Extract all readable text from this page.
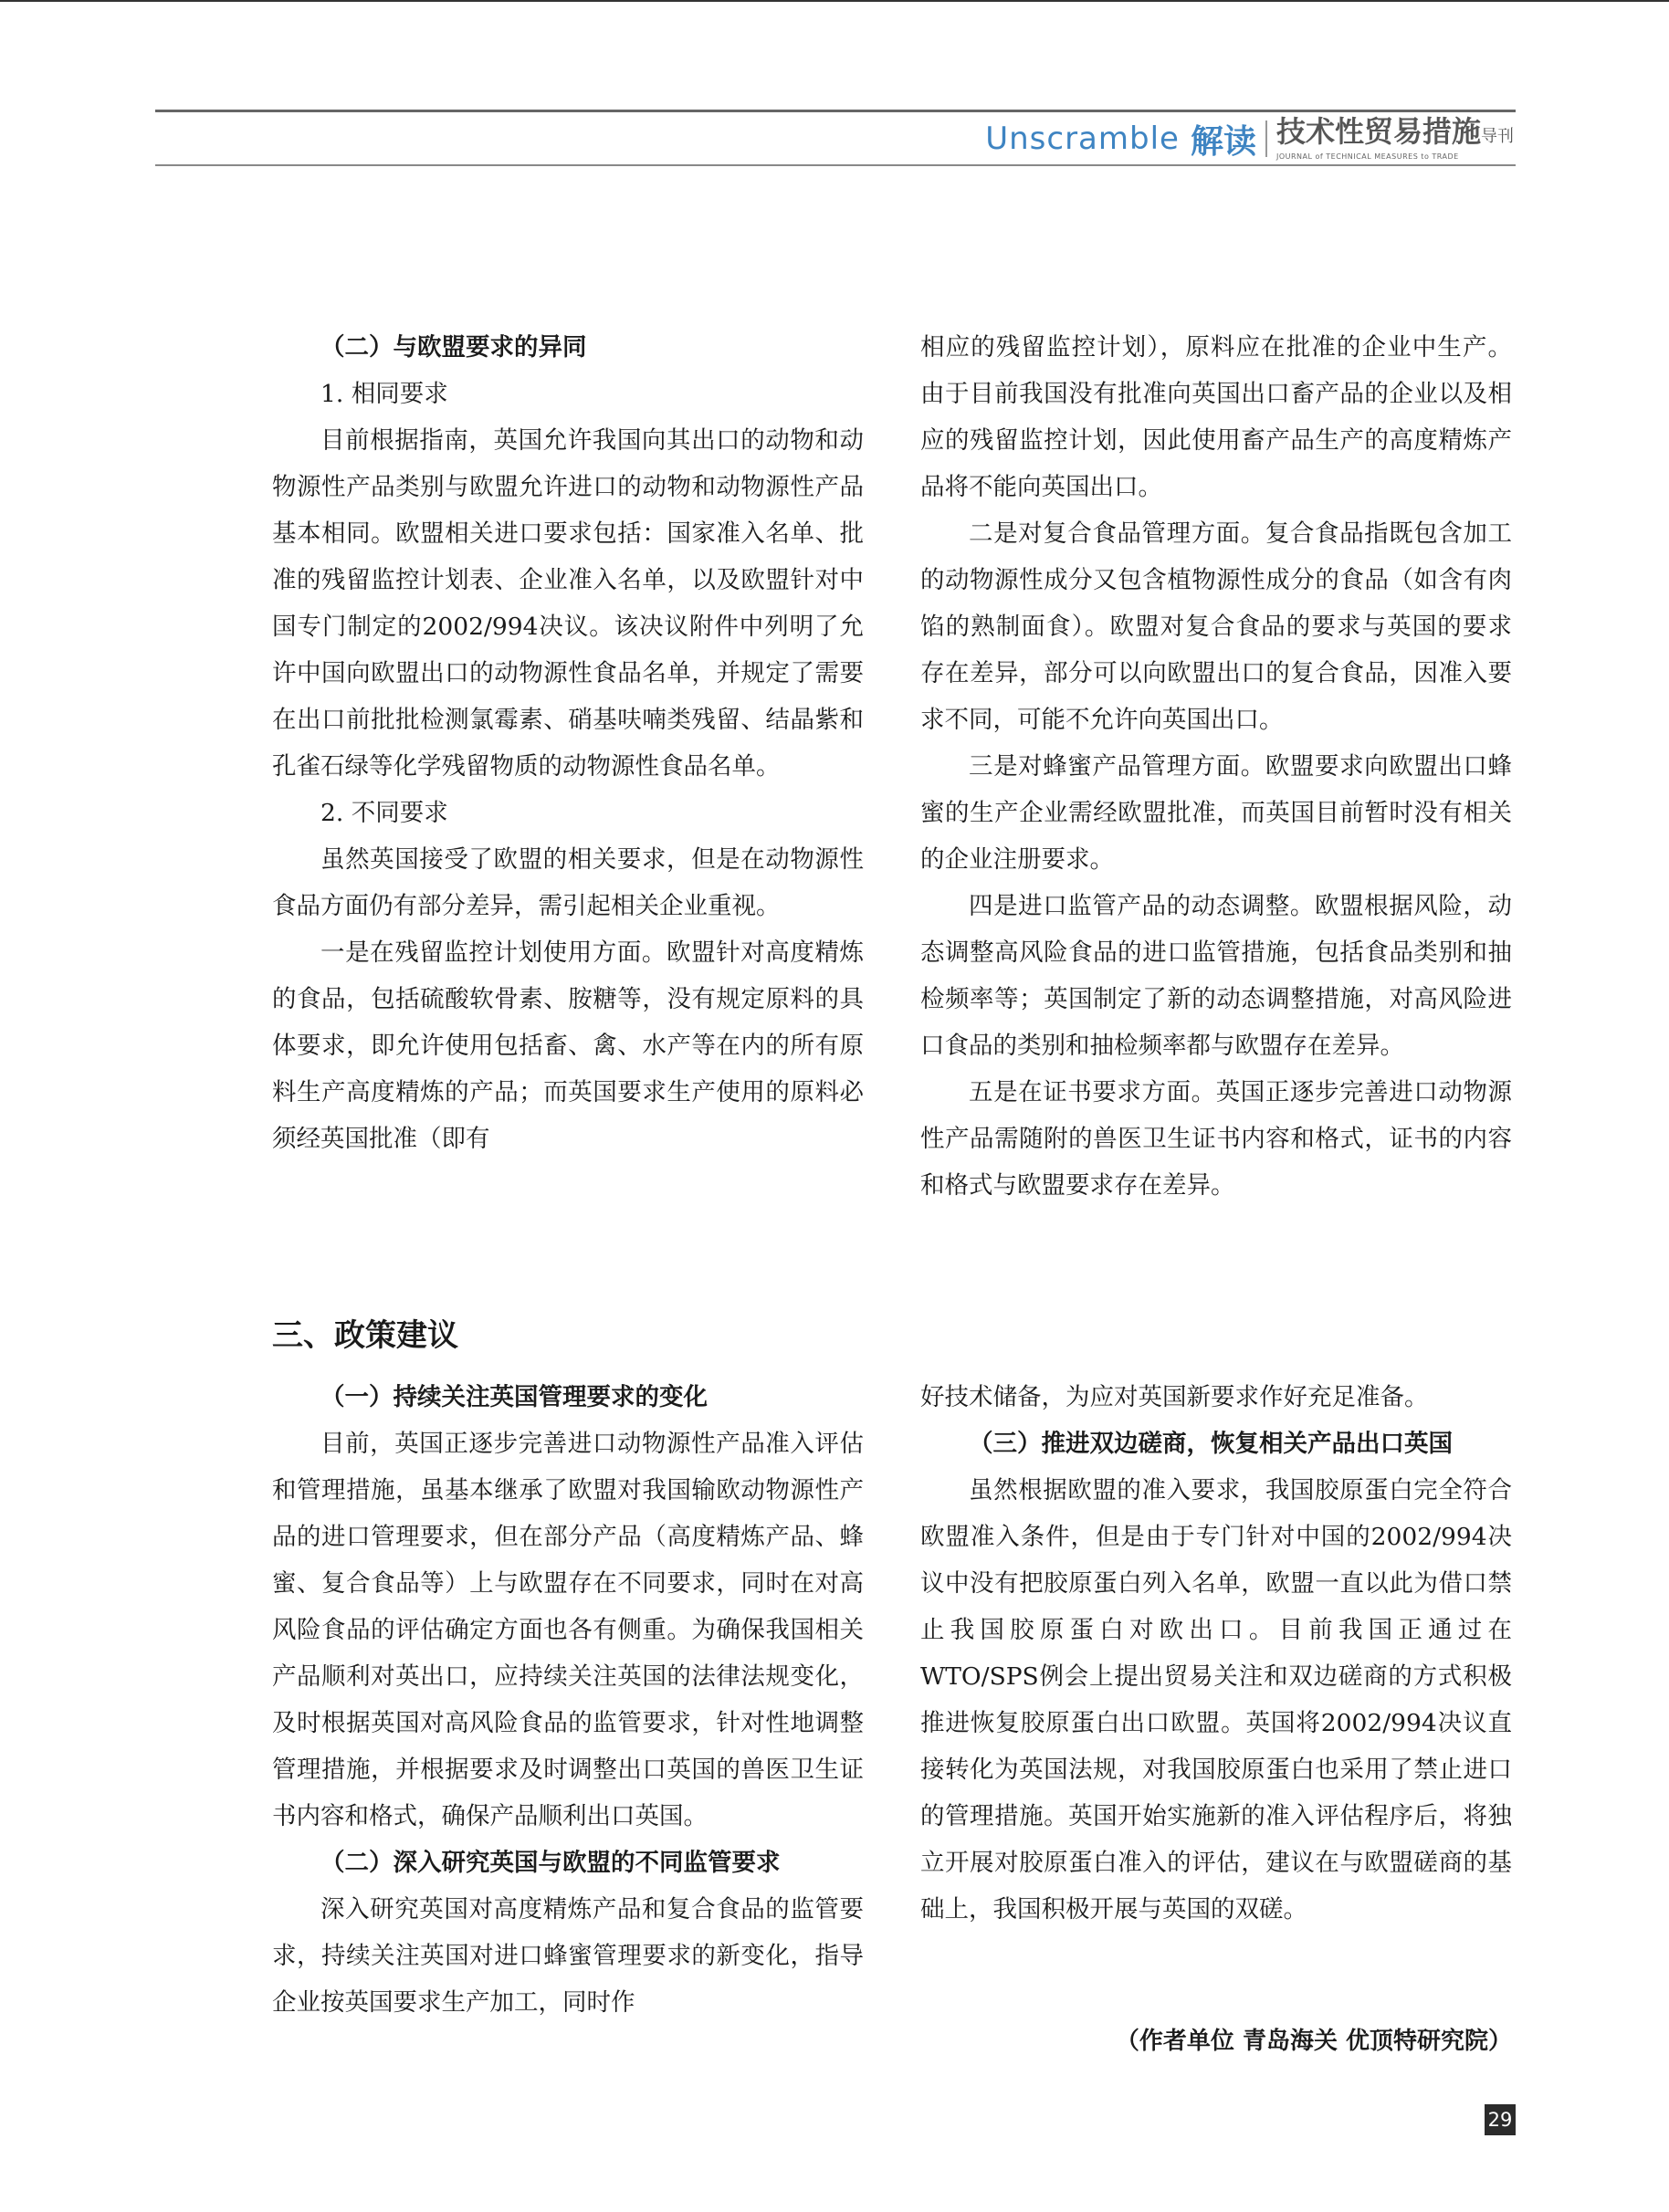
Unscramble 解读 技术性贸易措施导刊
JOURNAL of TECHNICAL MEASURES to TRADE

（二）与欧盟要求的异同

1. 相同要求

目前根据指南，英国允许我国向其出口的动物和动物源性产品类别与欧盟允许进口的动物和动物源性产品基本相同。欧盟相关进口要求包括：国家准入名单、批准的残留监控计划表、企业准入名单，以及欧盟针对中国专门制定的2002/994决议。该决议附件中列明了允许中国向欧盟出口的动物源性食品名单，并规定了需要在出口前批批检测氯霉素、硝基呋喃类残留、结晶紫和孔雀石绿等化学残留物质的动物源性食品名单。

2. 不同要求

虽然英国接受了欧盟的相关要求，但是在动物源性食品方面仍有部分差异，需引起相关企业重视。

一是在残留监控计划使用方面。欧盟针对高度精炼的食品，包括硫酸软骨素、胺糖等，没有规定原料的具体要求，即允许使用包括畜、禽、水产等在内的所有原料生产高度精炼的产品；而英国要求生产使用的原料必须经英国批准（即有

相应的残留监控计划），原料应在批准的企业中生产。由于目前我国没有批准向英国出口畜产品的企业以及相应的残留监控计划，因此使用畜产品生产的高度精炼产品将不能向英国出口。

二是对复合食品管理方面。复合食品指既包含加工的动物源性成分又包含植物源性成分的食品（如含有肉馅的熟制面食）。欧盟对复合食品的要求与英国的要求存在差异，部分可以向欧盟出口的复合食品，因准入要求不同，可能不允许向英国出口。

三是对蜂蜜产品管理方面。欧盟要求向欧盟出口蜂蜜的生产企业需经欧盟批准，而英国目前暂时没有相关的企业注册要求。

四是进口监管产品的动态调整。欧盟根据风险，动态调整高风险食品的进口监管措施，包括食品类别和抽检频率等；英国制定了新的动态调整措施，对高风险进口食品的类别和抽检频率都与欧盟存在差异。

五是在证书要求方面。英国正逐步完善进口动物源性产品需随附的兽医卫生证书内容和格式，证书的内容和格式与欧盟要求存在差异。

三、政策建议

（一）持续关注英国管理要求的变化

目前，英国正逐步完善进口动物源性产品准入评估和管理措施，虽基本继承了欧盟对我国输欧动物源性产品的进口管理要求，但在部分产品（高度精炼产品、蜂蜜、复合食品等）上与欧盟存在不同要求，同时在对高风险食品的评估确定方面也各有侧重。为确保我国相关产品顺利对英出口，应持续关注英国的法律法规变化，及时根据英国对高风险食品的监管要求，针对性地调整管理措施，并根据要求及时调整出口英国的兽医卫生证书内容和格式，确保产品顺利出口英国。

（二）深入研究英国与欧盟的不同监管要求

深入研究英国对高度精炼产品和复合食品的监管要求，持续关注英国对进口蜂蜜管理要求的新变化，指导企业按英国要求生产加工，同时作

好技术储备，为应对英国新要求作好充足准备。

（三）推进双边磋商，恢复相关产品出口英国

虽然根据欧盟的准入要求，我国胶原蛋白完全符合欧盟准入条件，但是由于专门针对中国的2002/994决议中没有把胶原蛋白列入名单，欧盟一直以此为借口禁止我国胶原蛋白对欧出口。目前我国正通过在WTO/SPS例会上提出贸易关注和双边磋商的方式积极推进恢复胶原蛋白出口欧盟。英国将2002/994决议直接转化为英国法规，对我国胶原蛋白也采用了禁止进口的管理措施。英国开始实施新的准入评估程序后，将独立开展对胶原蛋白准入的评估，建议在与欧盟磋商的基础上，我国积极开展与英国的双磋。

（作者单位 青岛海关 优顶特研究院）
29
